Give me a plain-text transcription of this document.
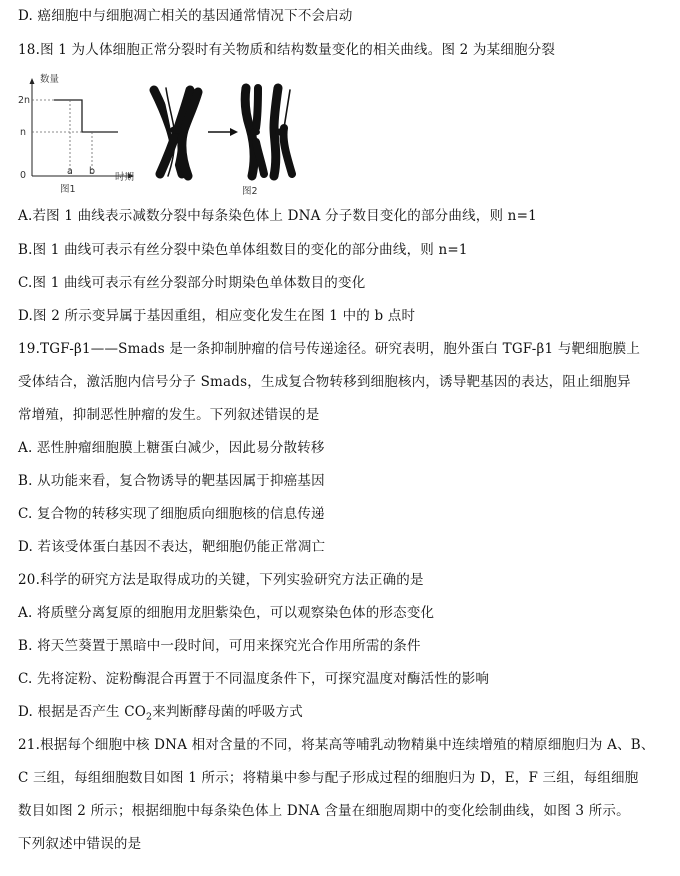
D. 癌细胞中与细胞凋亡相关的基因通常情况下不会启动
18.图 1 为人体细胞正常分裂时有关物质和结构数量变化的相关曲线。图 2 为某细胞分裂
数量
2n
n
0	a b
时期
图1	图2
A.若图 1 曲线表示减数分裂中每条染色体上 DNA 分子数目变化的部分曲线，则 n=1
B.图 1 曲线可表示有丝分裂中染色单体组数目的变化的部分曲线，则 n=1
C.图 1 曲线可表示有丝分裂部分时期染色单体数目的变化
D.图 2 所示变异属于基因重组，相应变化发生在图 1 中的 b 点时
19.TGF-β1——Smads 是一条抑制肿瘤的信号传递途径。研究表明，胞外蛋白 TGF-β1 与靶细胞膜上
受体结合，激活胞内信号分子 Smads，生成复合物转移到细胞核内，诱导靶基因的表达，阻止细胞异
常增殖，抑制恶性肿瘤的发生。下列叙述错误的是
A. 恶性肿瘤细胞膜上糖蛋白减少，因此易分散转移
B. 从功能来看，复合物诱导的靶基因属于抑癌基因
C. 复合物的转移实现了细胞质向细胞核的信息传递
D. 若该受体蛋白基因不表达，靶细胞仍能正常凋亡
20.科学的研究方法是取得成功的关键，下列实验研究方法正确的是
A. 将质壁分离复原的细胞用龙胆紫染色，可以观察染色体的形态变化
B. 将天竺葵置于黑暗中一段时间，可用来探究光合作用所需的条件
C. 先将淀粉、淀粉酶混合再置于不同温度条件下，可探究温度对酶活性的影响
D. 根据是否产生 $CO_2$来判断酵母菌的呼吸方式
21.根据每个细胞中核 DNA 相对含量的不同，将某高等哺乳动物精巢中连续增殖的精原细胞归为 A、B、
C 三组，每组细胞数目如图 1 所示；将精巢中参与配子形成过程的细胞归为 D，E，F 三组，每组细胞
数目如图 2 所示；根据细胞中每条染色体上 DNA 含量在细胞周期中的变化绘制曲线，如图 3 所示。
下列叙述中错误的是
